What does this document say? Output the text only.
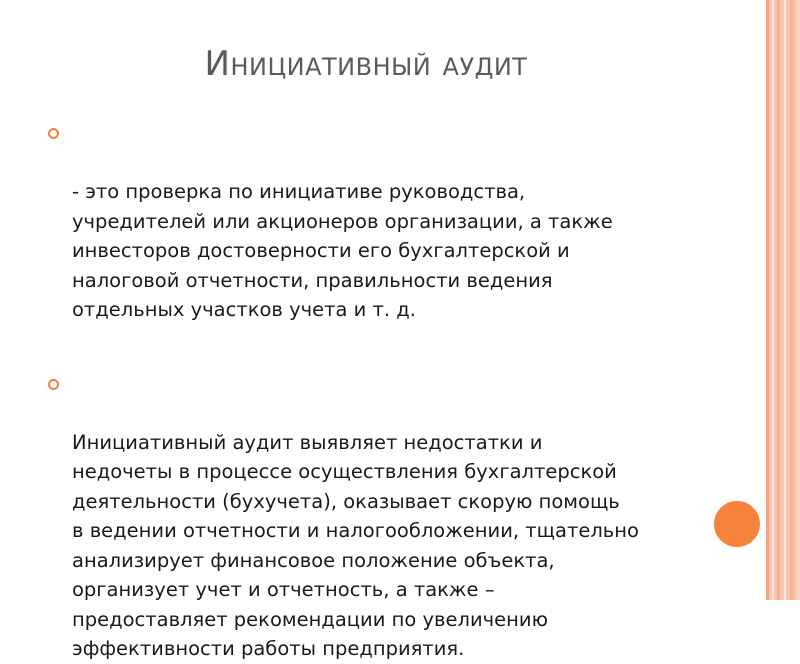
Инициативный аудит

- это проверка по инициативе руководства,
учредителей или акционеров организации, а также
инвесторов достоверности его бухгалтерской и
налоговой отчетности, правильности ведения
отдельных участков учета и т. д.

Инициативный аудит выявляет недостатки и
недочеты в процессе осуществления бухгалтерской
деятельности (бухучета), оказывает скорую помощь
в ведении отчетности и налогообложении, тщательно
анализирует финансовое положение объекта,
организует учет и отчетность, а также –
предоставляет рекомендации по увеличению
эффективности работы предприятия.
